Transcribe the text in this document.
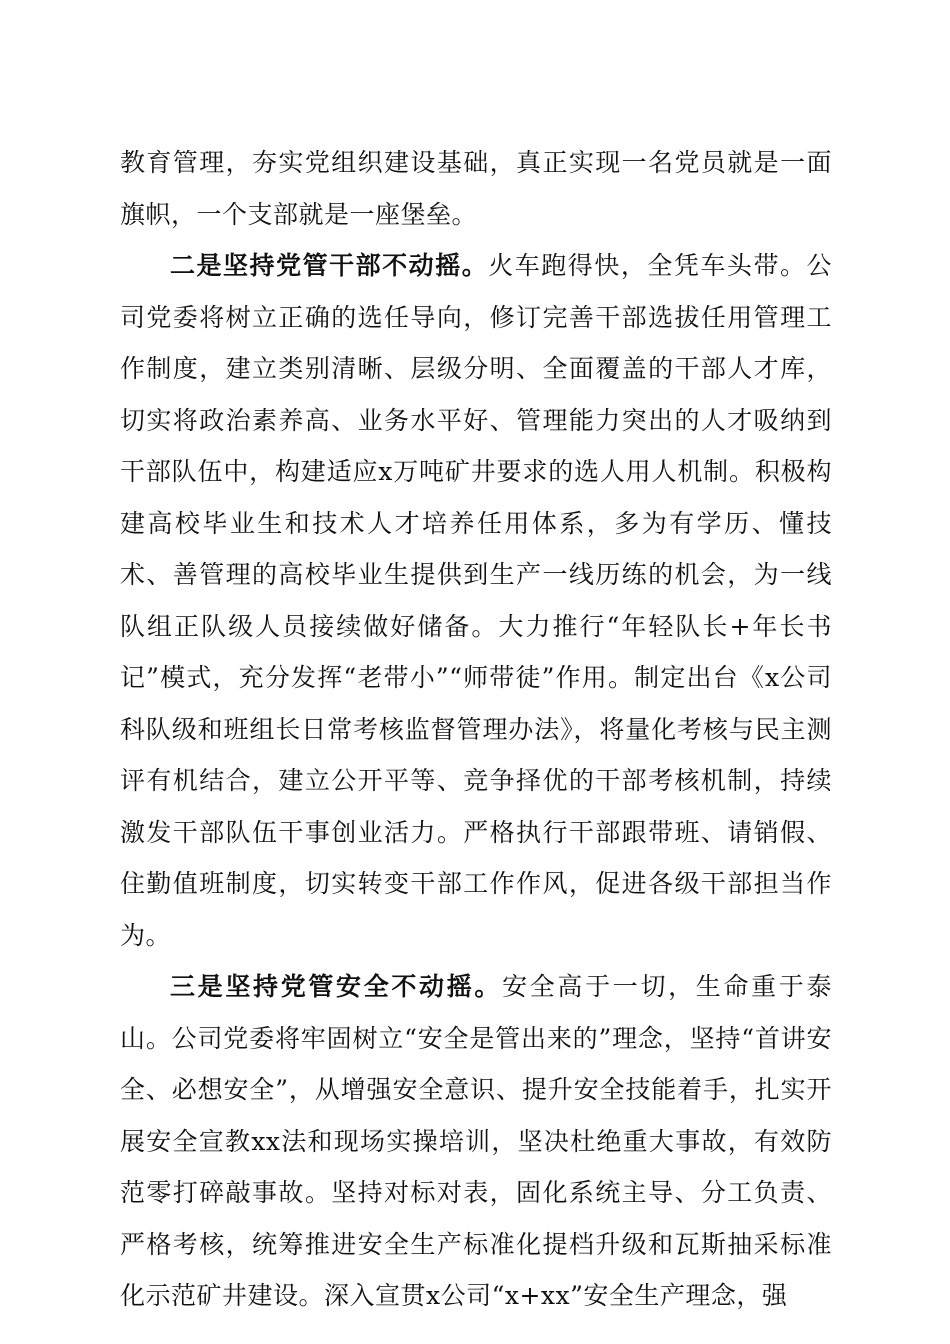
教育管理，夯实党组织建设基础，真正实现一名党员就是一面旗帜，一个支部就是一座堡垒。

二是坚持党管干部不动摇。火车跑得快，全凭车头带。公司党委将树立正确的选任导向，修订完善干部选拔任用管理工作制度，建立类别清晰、层级分明、全面覆盖的干部人才库，切实将政治素养高、业务水平好、管理能力突出的人才吸纳到干部队伍中，构建适应x万吨矿井要求的选人用人机制。积极构建高校毕业生和技术人才培养任用体系，多为有学历、懂技术、善管理的高校毕业生提供到生产一线历练的机会，为一线队组正队级人员接续做好储备。大力推行“年轻队长+年长书记”模式，充分发挥“老带小”“师带徒”作用。制定出台《x公司科队级和班组长日常考核监督管理办法》，将量化考核与民主测评有机结合，建立公开平等、竞争择优的干部考核机制，持续激发干部队伍干事创业活力。严格执行干部跟带班、请销假、住勤值班制度，切实转变干部工作作风，促进各级干部担当作为。

三是坚持党管安全不动摇。安全高于一切，生命重于泰山。公司党委将牢固树立“安全是管出来的”理念，坚持“首讲安全、必想安全”，从增强安全意识、提升安全技能着手，扎实开展安全宣教xx法和现场实操培训，坚决杜绝重大事故，有效防范零打碎敲事故。坚持对标对表，固化系统主导、分工负责、严格考核，统筹推进安全生产标准化提档升级和瓦斯抽采标准化示范矿井建设。深入宣贯x公司“x+xx”安全生产理念，强
